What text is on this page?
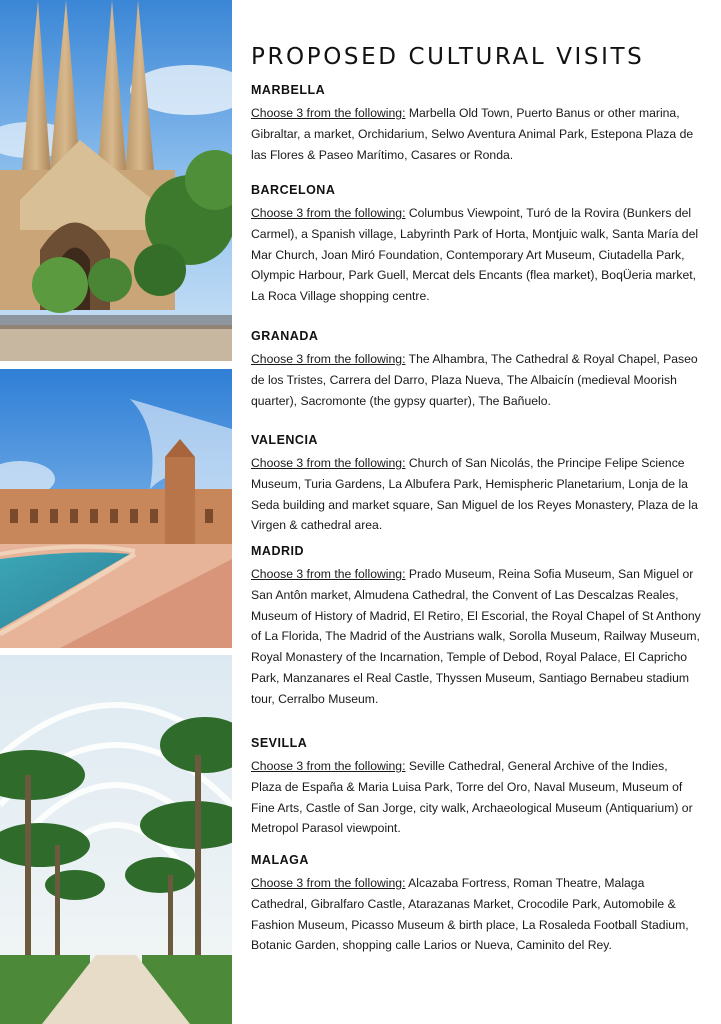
PROPOSED CULTURAL VISITS
MARBELLA

Choose 3 from the following: Marbella Old Town, Puerto Banus or other marina, Gibraltar, a market, Orchidarium, Selwo Aventura Animal Park, Estepona Plaza de las Flores & Paseo Marítimo, Casares or Ronda.

BARCELONA

Choose 3 from the following: Columbus Viewpoint, Turó de la Rovira (Bunkers del Carmel), a Spanish village, Labyrinth Park of Horta, Montjuic walk, Santa María del Mar Church, Joan Miró Foundation, Contemporary Art Museum, Ciutadella Park, Olympic Harbour, Park Guell, Mercat dels Encants (flea market), BoqÜeria market, La Roca Village shopping centre.

GRANADA

Choose 3 from the following: The Alhambra, The Cathedral & Royal Chapel, Paseo de los Tristes, Carrera del Darro, Plaza Nueva, The Albaicín (medieval Moorish quarter), Sacromonte (the gypsy quarter), The Bañuelo.

VALENCIA

Choose 3 from the following: Church of San Nicolás, the Principe Felipe Science Museum, Turia Gardens, La Albufera Park, Hemispheric Planetarium, Lonja de la Seda building and market square, San Miguel de los Reyes Monastery, Plaza de la Virgen & cathedral area.

MADRID

Choose 3 from the following: Prado Museum, Reina Sofia Museum, San Miguel or San Antôn market, Almudena Cathedral, the Convent of Las Descalzas Reales, Museum of History of Madrid, El Retiro, El Escorial, the Royal Chapel of St Anthony of La Florida, The Madrid of the Austrians walk, Sorolla Museum, Railway Museum, Royal Monastery of the Incarnation, Temple of Debod, Royal Palace, El Capricho Park, Manzanares el Real Castle, Thyssen Museum, Santiago Bernabeu stadium tour, Cerralbo Museum.

SEVILLA

Choose 3 from the following: Seville Cathedral, General Archive of the Indies, Plaza de España & Maria Luisa Park, Torre del Oro, Naval Museum, Museum of Fine Arts, Castle of San Jorge, city walk, Archaeological Museum (Antiquarium) or Metropol Parasol viewpoint.

MALAGA

Choose 3 from the following: Alcazaba Fortress, Roman Theatre, Malaga Cathedral, Gibralfaro Castle, Atarazanas Market, Crocodile Park, Automobile & Fashion Museum, Picasso Museum & birth place, La Rosaleda Football Stadium, Botanic Garden, shopping calle Larios or Nueva, Caminito del Rey.
